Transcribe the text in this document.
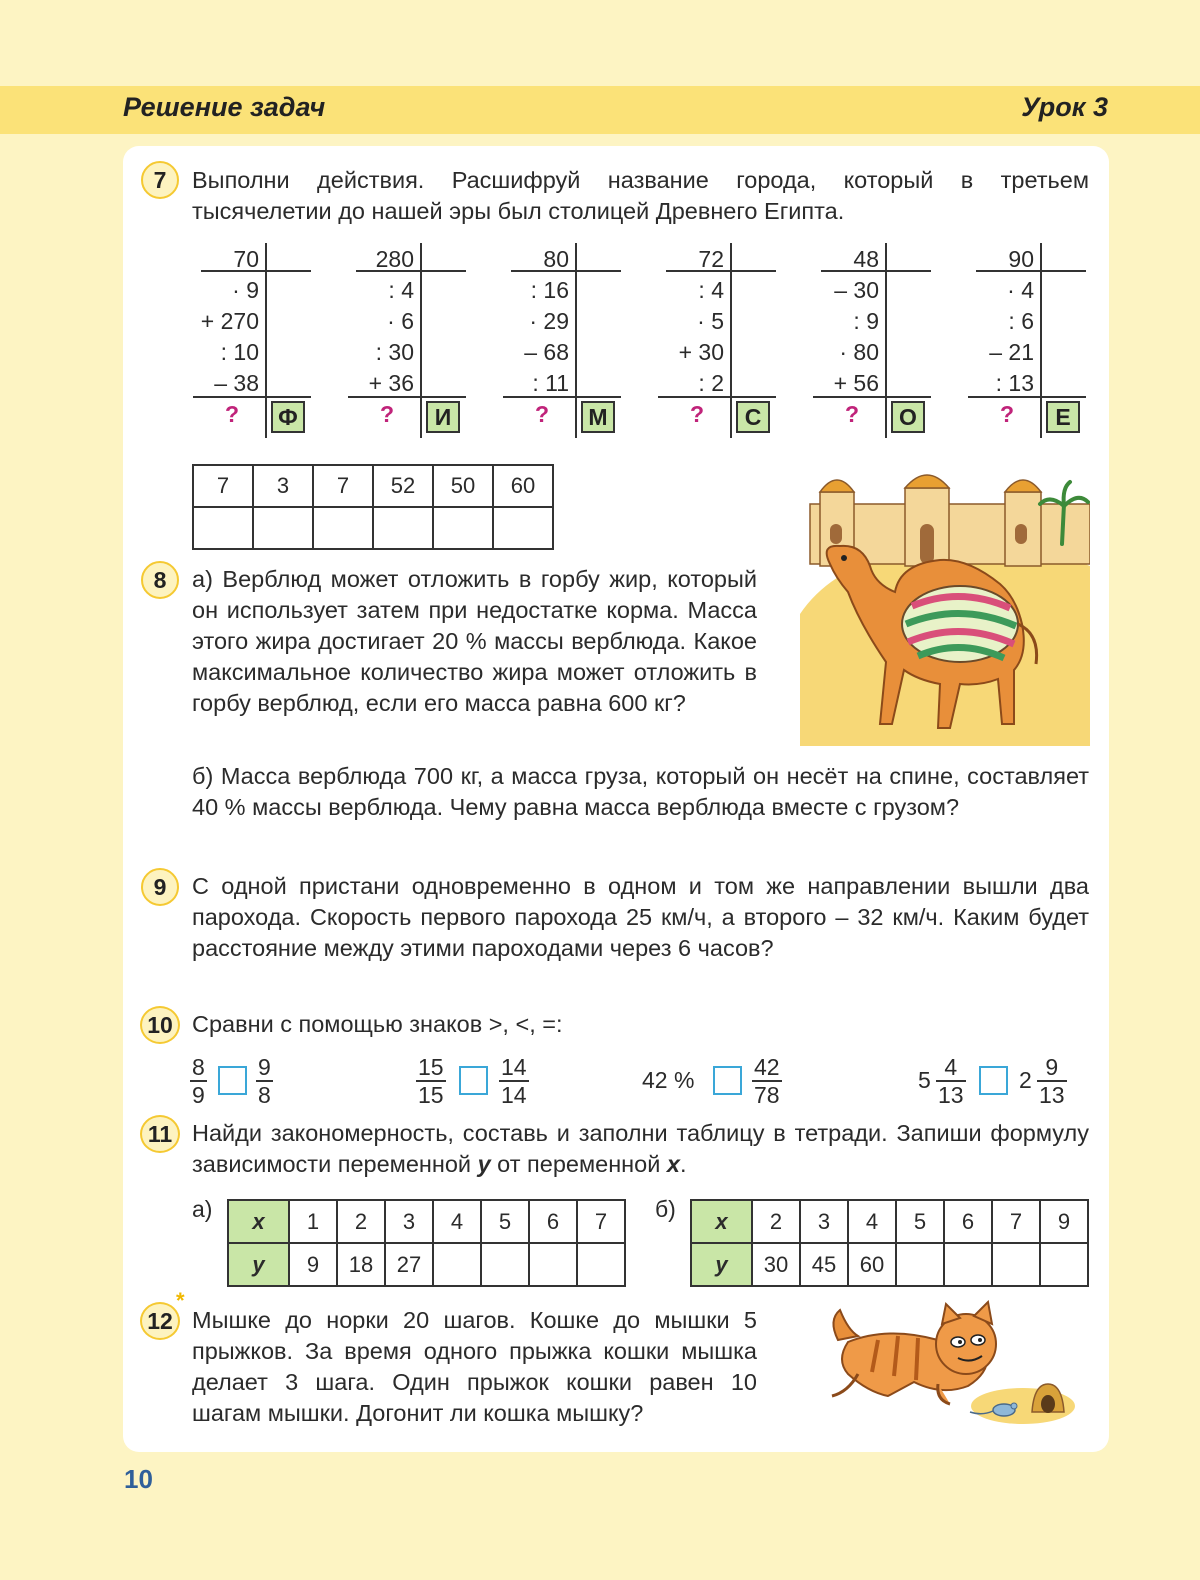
Решение задач	Урок 3
7	Выполни действия. Расшифруй название города, который в третьем тысячелетии до нашей эры был столицей Древнего Египта.
70
· 9
+ 270
: 10
– 38
?	Ф
280
: 4
· 6
: 30
+ 36
?	И
80
: 16
· 29
– 68
: 11
?	М
72
: 4
· 5
+ 30
: 2
?	С
48
– 30
: 9
· 80
+ 56
?	О
90
· 4
: 6
– 21
: 13
?	Е
7	3	7	52	50	60

8	а) Верблюд может отложить в горбу жир, который он использует затем при недостатке корма. Масса этого жира достигает 20 % массы верблюда. Какое максимальное количество жира может отложить в горбу верблюд, если его масса равна 600 кг?
б) Масса верблюда 700 кг, а масса груза, который он несёт на спине, составляет 40 % массы верблюда. Чему равна масса верблюда вместе с грузом?
9	С одной пристани одновременно в одном и том же направлении вышли два парохода. Скорость первого парохода 25 км/ч, а второго – 32 км/ч. Каким будет расстояние между этими пароходами через 6 часов?
10 Сравни с помощью знаков >, <, =:
8
9
9
8
15
15
14
14
42 %	42
78
5 4
13
2 9
13
11 Найди закономерность, составь и заполни таблицу в тетради. Запиши формулу зависимости переменной y от переменной x.
а) x	1	2	3	4	5	6	7
y	9	18	27				
б) x	2	3	4	5	6	7	9
y	30	45	60				
*
12 Мышке до норки 20 шагов. Кошке до мышки 5 прыжков. За время одного прыжка кошки мышка делает 3 шага. Один прыжок кошки равен 10 шагам мышки. Догонит ли кошка мышку?
10
